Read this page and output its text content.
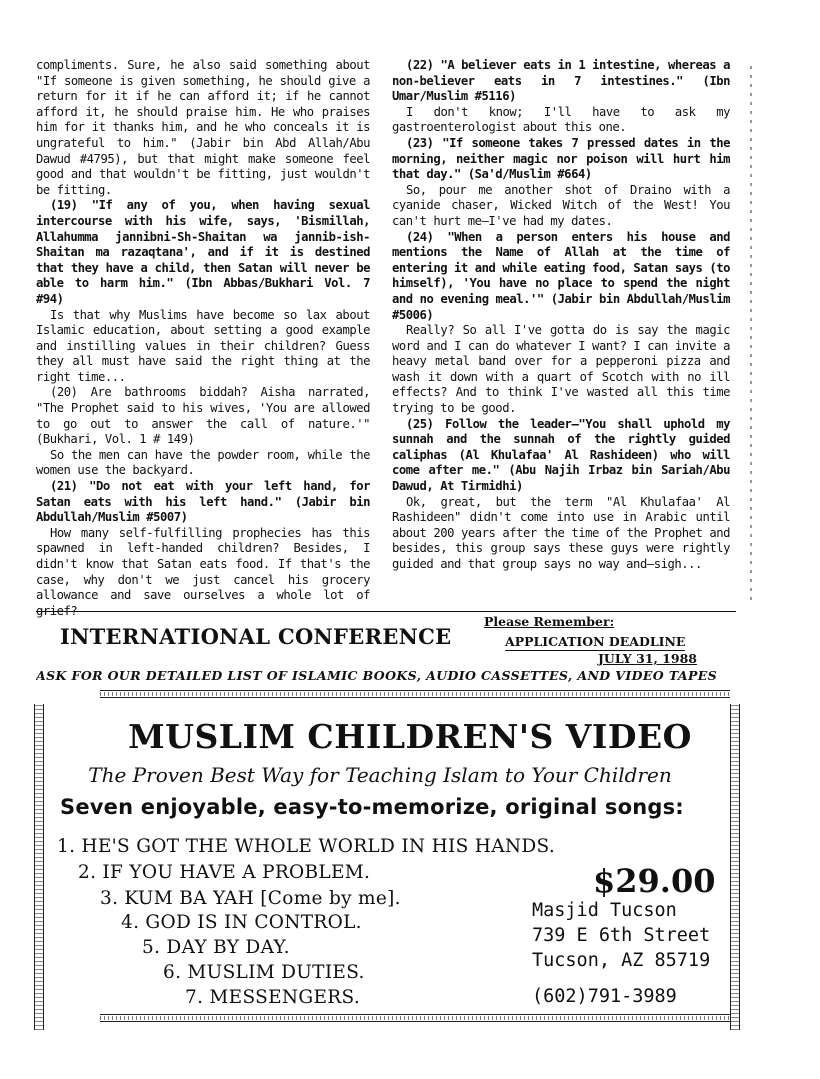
compliments. Sure, he also said something about "If someone is given something, he should give a return for it if he can afford it; if he cannot afford it, he should praise him. He who praises him for it thanks him, and he who conceals it is ungrateful to him." (Jabir bin Abd Allah/Abu Dawud #4795), but that might make someone feel good and that wouldn't be fitting, just wouldn't be fitting.

(19) "If any of you, when having sexual intercourse with his wife, says, 'Bismillah, Allahumma jannibni-Sh-Shaitan wa jannib-ish-Shaitan ma razaqtana', and if it is destined that they have a child, then Satan will never be able to harm him." (Ibn Abbas/Bukhari Vol. 7 #94)

Is that why Muslims have become so lax about Islamic education, about setting a good example and instilling values in their children? Guess they all must have said the right thing at the right time...

(20) Are bathrooms biddah? Aisha narrated, "The Prophet said to his wives, 'You are allowed to go out to answer the call of nature.'" (Bukhari, Vol. 1 # 149)

So the men can have the powder room, while the women use the backyard.

(21) "Do not eat with your left hand, for Satan eats with his left hand." (Jabir bin Abdullah/Muslim #5007)

How many self-fulfilling prophecies has this spawned in left-handed children? Besides, I didn't know that Satan eats food. If that's the case, why don't we just cancel his grocery allowance and save ourselves a whole lot of grief?

(22) "A believer eats in 1 intestine, whereas a non-believer eats in 7 intestines." (Ibn Umar/Muslim #5116)

I don't know; I'll have to ask my gastroenterologist about this one.

(23) "If someone takes 7 pressed dates in the morning, neither magic nor poison will hurt him that day." (Sa'd/Muslim #664)

So, pour me another shot of Draino with a cyanide chaser, Wicked Witch of the West! You can't hurt me—I've had my dates.

(24) "When a person enters his house and mentions the Name of Allah at the time of entering it and while eating food, Satan says (to himself), 'You have no place to spend the night and no evening meal.'" (Jabir bin Abdullah/Muslim #5006)

Really? So all I've gotta do is say the magic word and I can do whatever I want? I can invite a heavy metal band over for a pepperoni pizza and wash it down with a quart of Scotch with no ill effects? And to think I've wasted all this time trying to be good.

(25) Follow the leader—"You shall uphold my sunnah and the sunnah of the rightly guided caliphas (Al Khulafaa' Al Rashideen) who will come after me." (Abu Najih Irbaz bin Sariah/Abu Dawud, At Tirmidhi)

Ok, great, but the term "Al Khulafaa' Al Rashideen" didn't come into use in Arabic until about 200 years after the time of the Prophet and besides, this group says these guys were rightly guided and that group says no way and—sigh...

INTERNATIONAL CONFERENCE
Please Remember:
APPLICATION DEADLINE
JULY 31, 1988
ASK FOR OUR DETAILED LIST OF ISLAMIC BOOKS, AUDIO CASSETTES, AND VIDEO TAPES
MUSLIM CHILDREN'S VIDEO
The Proven Best Way for Teaching Islam to Your Children
Seven enjoyable, easy-to-memorize, original songs:
1. HE'S GOT THE WHOLE WORLD IN HIS HANDS.
2. IF YOU HAVE A PROBLEM.
3. KUM BA YAH [Come by me].
4. GOD IS IN CONTROL.
5. DAY BY DAY.
6. MUSLIM DUTIES.
7. MESSENGERS.
$29.00
Masjid Tucson
739 E 6th Street
Tucson, AZ 85719
(602)791-3989
